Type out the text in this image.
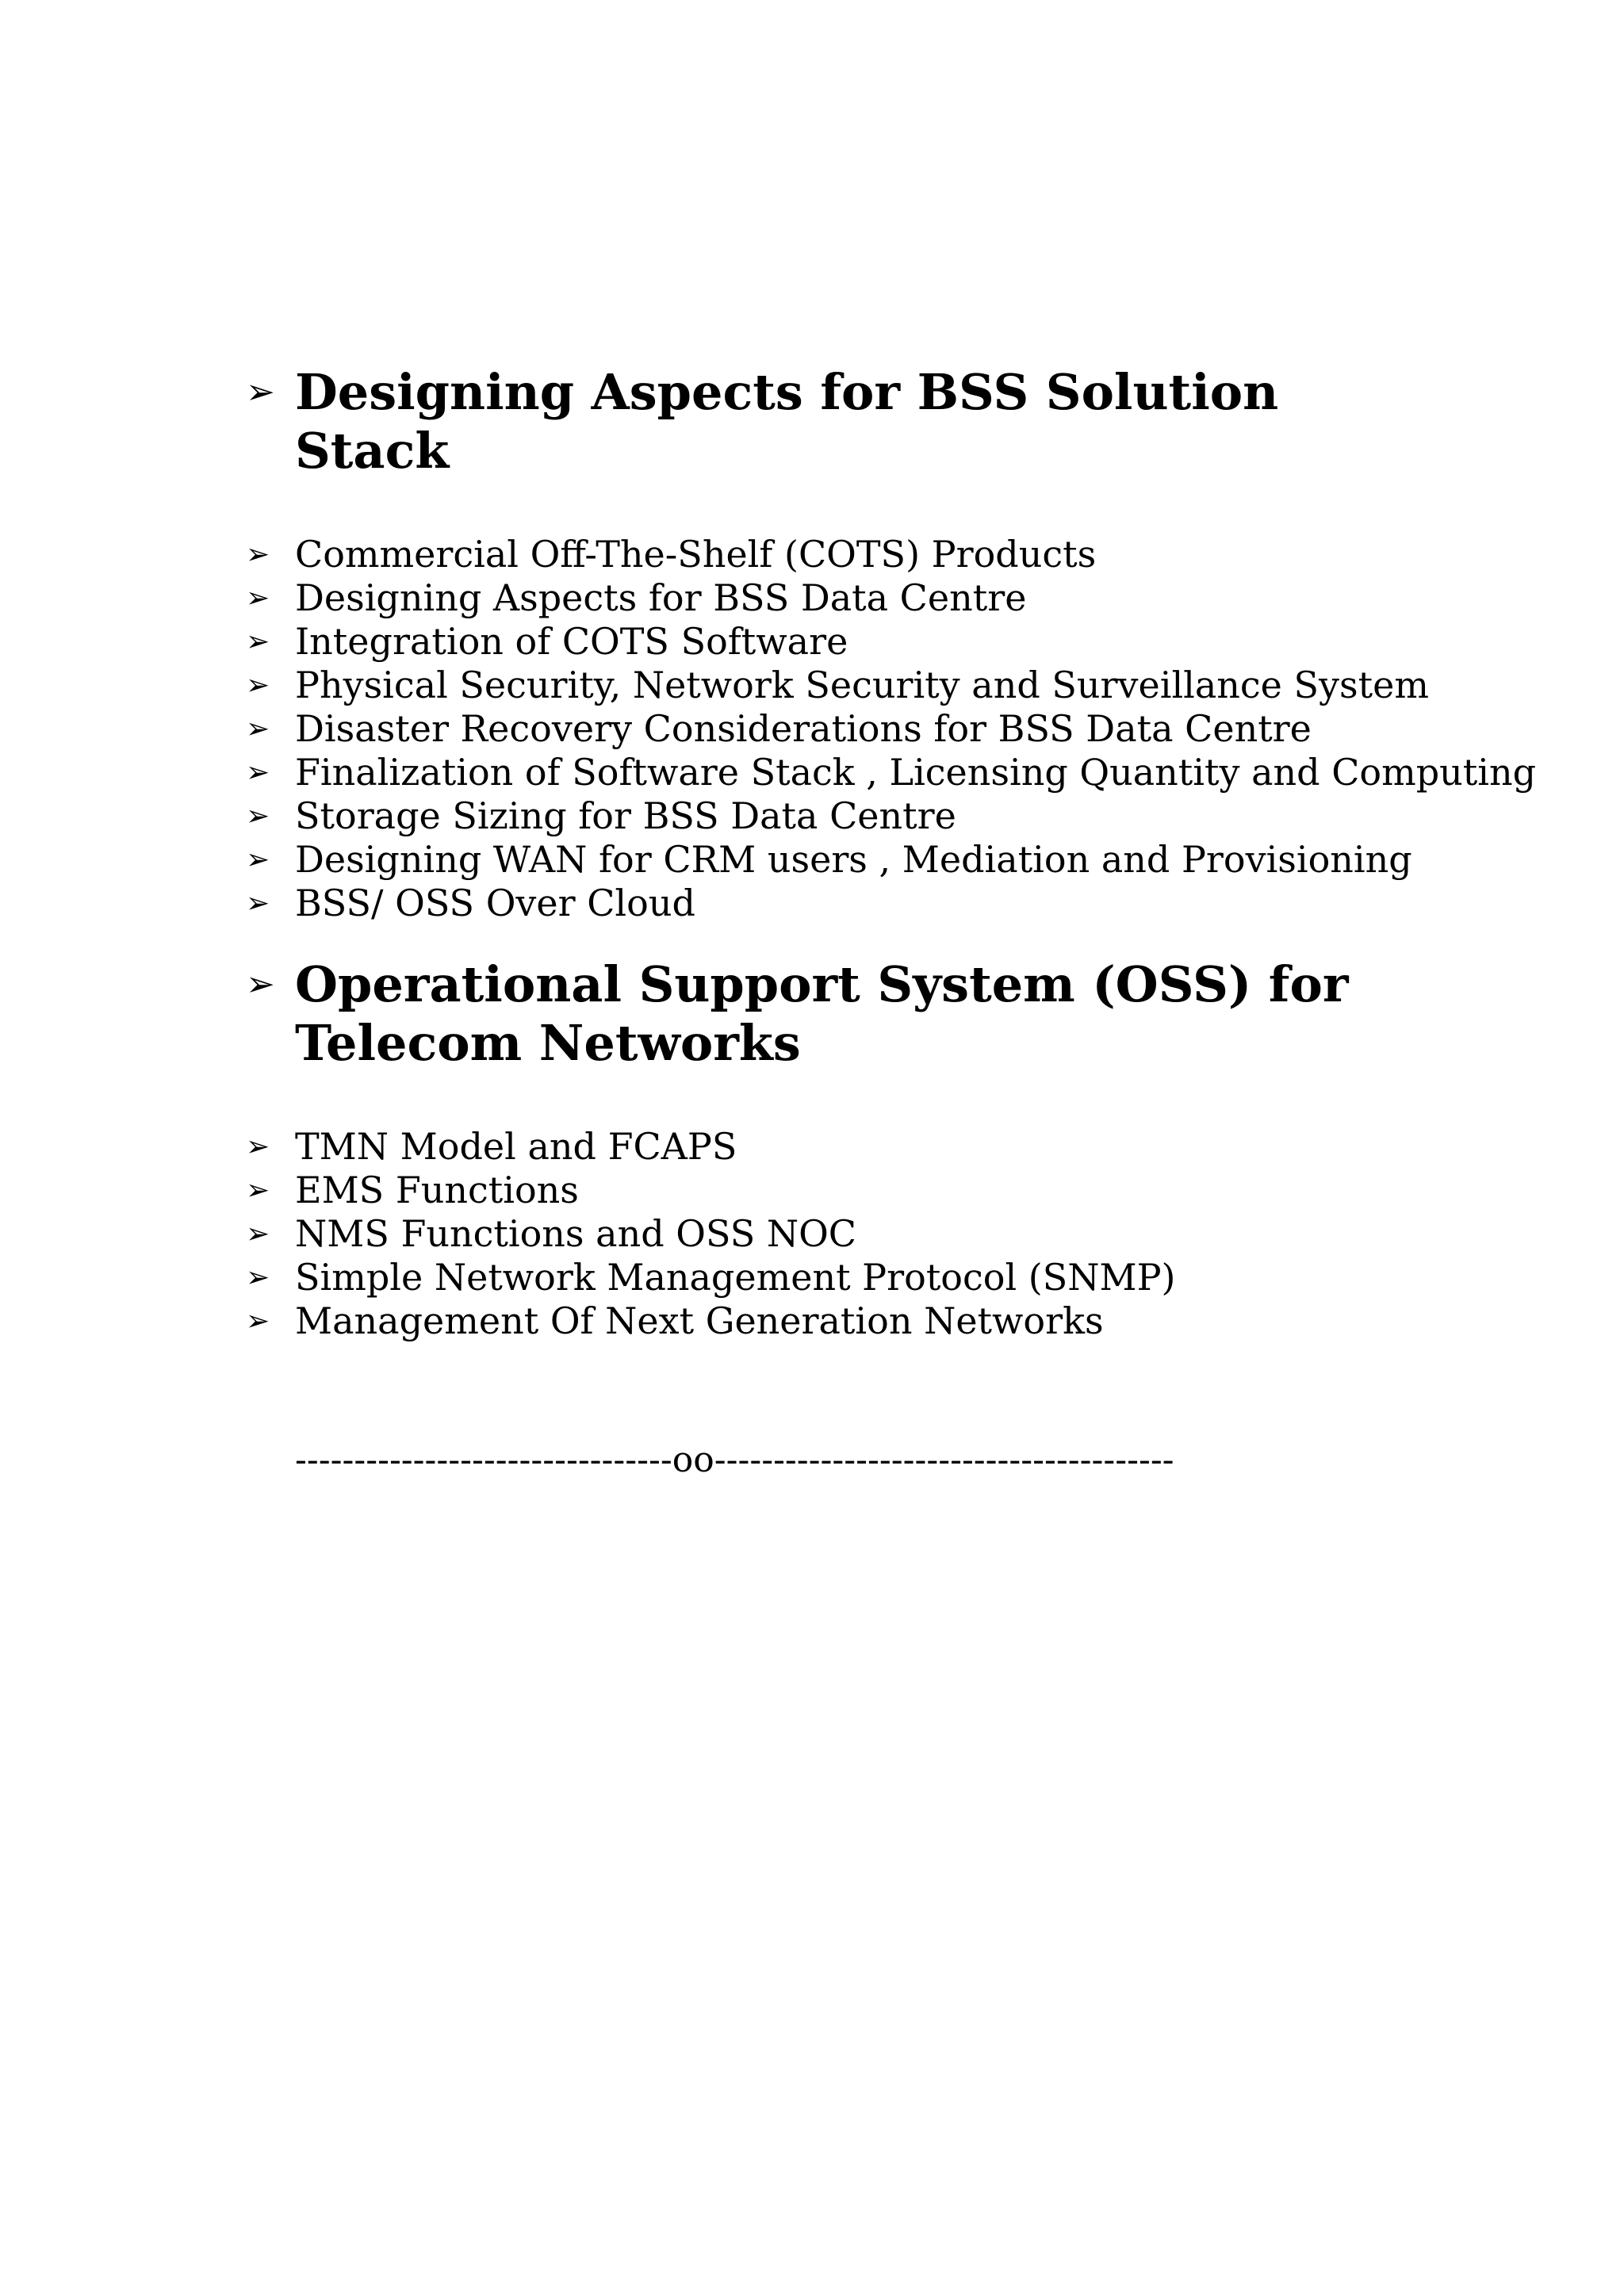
➢ Designing Aspects for BSS Solution Stack
➢ Commercial Off-The-Shelf (COTS) Products
➢ Designing Aspects for BSS Data Centre
➢ Integration of COTS Software
➢ Physical Security, Network Security and Surveillance System
➢ Disaster Recovery Considerations for BSS Data Centre
➢ Finalization of Software Stack , Licensing Quantity and Computing
➢ Storage Sizing for BSS Data Centre
➢ Designing WAN for CRM users , Mediation and Provisioning
➢ BSS/ OSS Over Cloud
➢ Operational Support System (OSS) for Telecom Networks
➢ TMN Model and FCAPS
➢ EMS Functions
➢ NMS Functions and OSS NOC
➢ Simple Network Management Protocol (SNMP)
➢ Management Of Next Generation Networks
--------------------------------oo---------------------------------------
